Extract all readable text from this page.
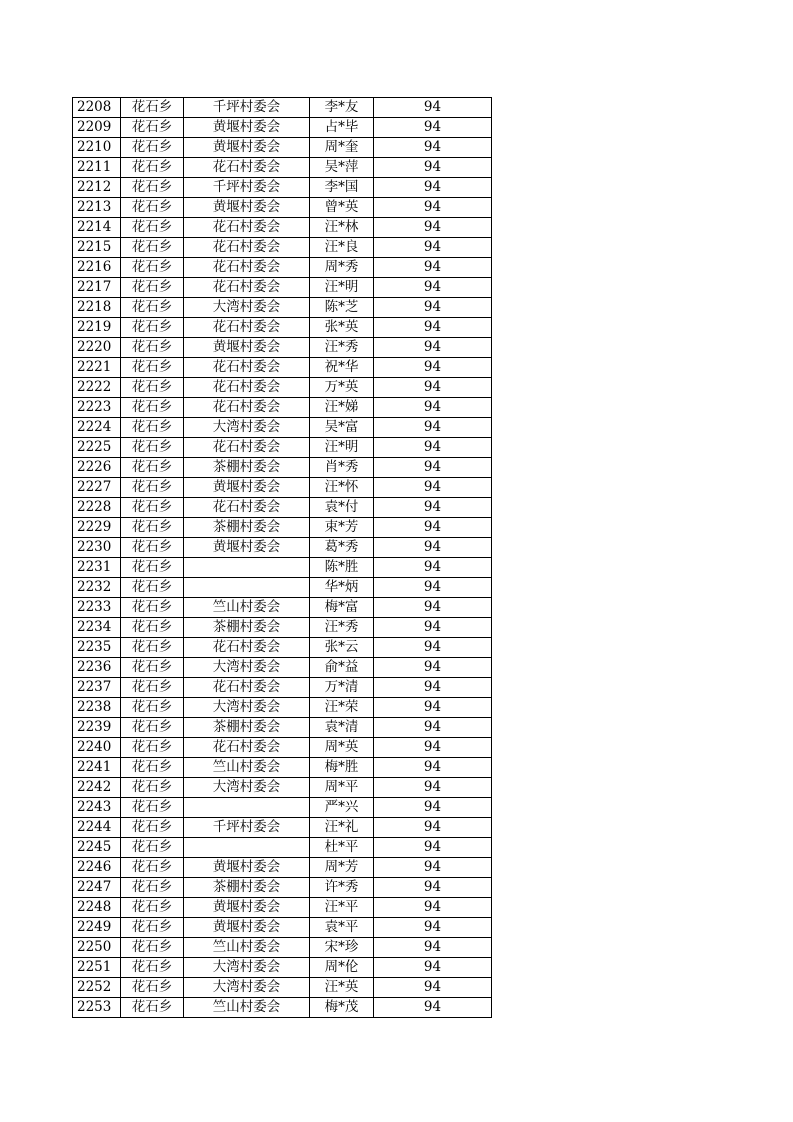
2208	花石乡	千坪村委会	李*友	94
2209	花石乡	黄堰村委会	占*毕	94
2210	花石乡	黄堰村委会	周*奎	94
2211	花石乡	花石村委会	吴*萍	94
2212	花石乡	千坪村委会	李*国	94
2213	花石乡	黄堰村委会	曾*英	94
2214	花石乡	花石村委会	汪*林	94
2215	花石乡	花石村委会	汪*良	94
2216	花石乡	花石村委会	周*秀	94
2217	花石乡	花石村委会	汪*明	94
2218	花石乡	大湾村委会	陈*芝	94
2219	花石乡	花石村委会	张*英	94
2220	花石乡	黄堰村委会	汪*秀	94
2221	花石乡	花石村委会	祝*华	94
2222	花石乡	花石村委会	万*英	94
2223	花石乡	花石村委会	汪*娣	94
2224	花石乡	大湾村委会	吴*富	94
2225	花石乡	花石村委会	汪*明	94
2226	花石乡	茶棚村委会	肖*秀	94
2227	花石乡	黄堰村委会	汪*怀	94
2228	花石乡	花石村委会	袁*付	94
2229	花石乡	茶棚村委会	束*芳	94
2230	花石乡	黄堰村委会	葛*秀	94
2231	花石乡		陈*胜	94
2232	花石乡		华*炳	94
2233	花石乡	竺山村委会	梅*富	94
2234	花石乡	茶棚村委会	汪*秀	94
2235	花石乡	花石村委会	张*云	94
2236	花石乡	大湾村委会	俞*益	94
2237	花石乡	花石村委会	万*清	94
2238	花石乡	大湾村委会	汪*荣	94
2239	花石乡	茶棚村委会	袁*清	94
2240	花石乡	花石村委会	周*英	94
2241	花石乡	竺山村委会	梅*胜	94
2242	花石乡	大湾村委会	周*平	94
2243	花石乡		严*兴	94
2244	花石乡	千坪村委会	汪*礼	94
2245	花石乡		杜*平	94
2246	花石乡	黄堰村委会	周*芳	94
2247	花石乡	茶棚村委会	许*秀	94
2248	花石乡	黄堰村委会	汪*平	94
2249	花石乡	黄堰村委会	袁*平	94
2250	花石乡	竺山村委会	宋*珍	94
2251	花石乡	大湾村委会	周*伦	94
2252	花石乡	大湾村委会	汪*英	94
2253	花石乡	竺山村委会	梅*茂	94
